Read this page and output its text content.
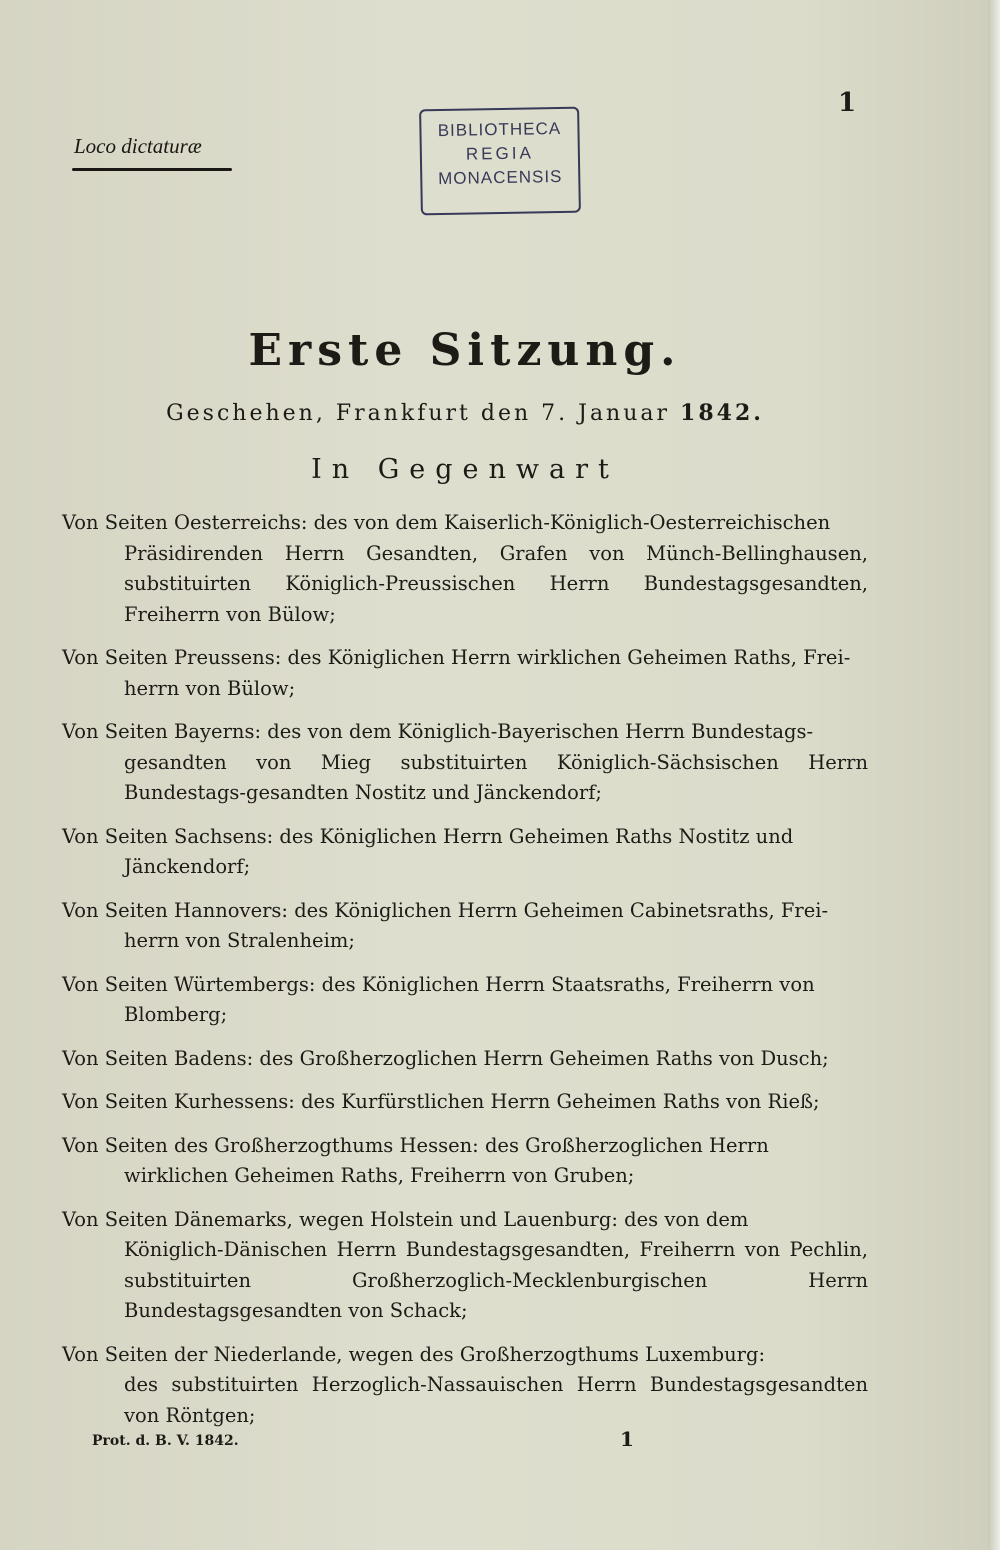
1
Loco dictaturæ
BIBLIOTHECA
REGIA
MONACENSIS
Erste Sitzung.
Geschehen, Frankfurt den 7. Januar 1842.
In Gegenwart
Von Seiten Oesterreichs: des von dem Kaiserlich-Königlich-Oesterreichischen
Präsidirenden Herrn Gesandten, Grafen von Münch-Bellinghausen, substituirten Königlich-Preussischen Herrn Bundestagsgesandten, Freiherrn von Bülow;
Von Seiten Preussens: des Königlichen Herrn wirklichen Geheimen Raths, Frei-
herrn von Bülow;
Von Seiten Bayerns: des von dem Königlich-Bayerischen Herrn Bundestags-
gesandten von Mieg substituirten Königlich-Sächsischen Herrn Bundestags-gesandten Nostitz und Jänckendorf;
Von Seiten Sachsens: des Königlichen Herrn Geheimen Raths Nostitz und
Jänckendorf;
Von Seiten Hannovers: des Königlichen Herrn Geheimen Cabinetsraths, Frei-
herrn von Stralenheim;
Von Seiten Würtembergs: des Königlichen Herrn Staatsraths, Freiherrn von
Blomberg;
Von Seiten Badens: des Großherzoglichen Herrn Geheimen Raths von Dusch;
Von Seiten Kurhessens: des Kurfürstlichen Herrn Geheimen Raths von Rieß;
Von Seiten des Großherzogthums Hessen: des Großherzoglichen Herrn
wirklichen Geheimen Raths, Freiherrn von Gruben;
Von Seiten Dänemarks, wegen Holstein und Lauenburg: des von dem
Königlich-Dänischen Herrn Bundestagsgesandten, Freiherrn von Pechlin, substituirten Großherzoglich-Mecklenburgischen Herrn Bundestagsgesandten von Schack;
Von Seiten der Niederlande, wegen des Großherzogthums Luxemburg:
des substituirten Herzoglich-Nassauischen Herrn Bundestagsgesandten von Röntgen;
Prot. d. B. V. 1842.	1
